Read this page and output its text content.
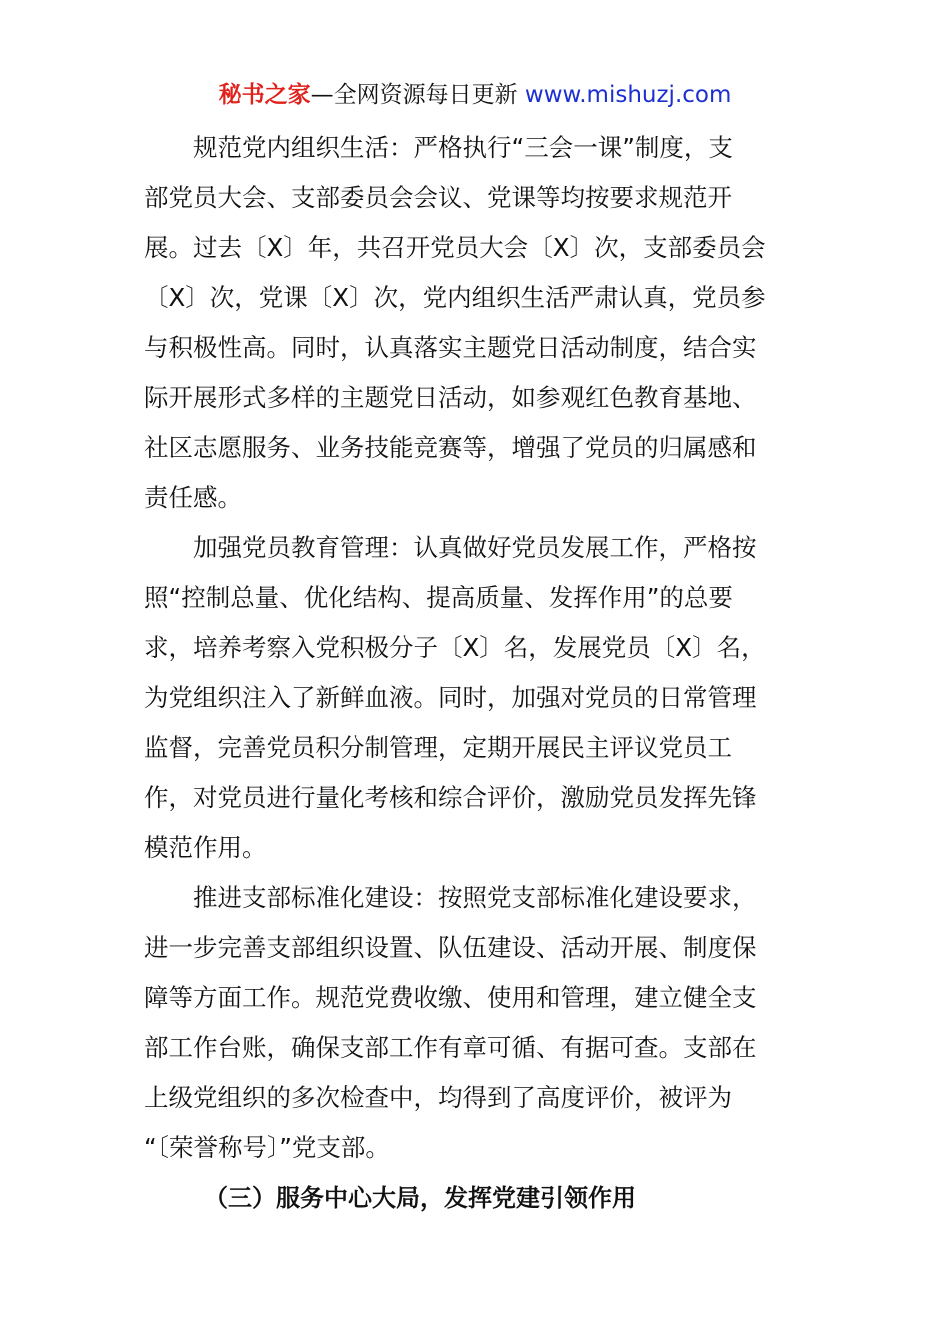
秘书之家—全网资源每日更新 www.mishuzj.com
规范党内组织生活：严格执行“三会一课”制度，支
部党员大会、支部委员会会议、党课等均按要求规范开
展。过去〔X〕年，共召开党员大会〔X〕次，支部委员会
〔X〕次，党课〔X〕次，党内组织生活严肃认真，党员参
与积极性高。同时，认真落实主题党日活动制度，结合实
际开展形式多样的主题党日活动，如参观红色教育基地、
社区志愿服务、业务技能竞赛等，增强了党员的归属感和
责任感。
加强党员教育管理：认真做好党员发展工作，严格按
照“控制总量、优化结构、提高质量、发挥作用”的总要
求，培养考察入党积极分子〔X〕名，发展党员〔X〕名，
为党组织注入了新鲜血液。同时，加强对党员的日常管理
监督，完善党员积分制管理，定期开展民主评议党员工
作，对党员进行量化考核和综合评价，激励党员发挥先锋
模范作用。
推进支部标准化建设：按照党支部标准化建设要求，
进一步完善支部组织设置、队伍建设、活动开展、制度保
障等方面工作。规范党费收缴、使用和管理，建立健全支
部工作台账，确保支部工作有章可循、有据可查。支部在
上级党组织的多次检查中，均得到了高度评价，被评为
“〔荣誉称号〕”党支部。
（三）服务中心大局，发挥党建引领作用
